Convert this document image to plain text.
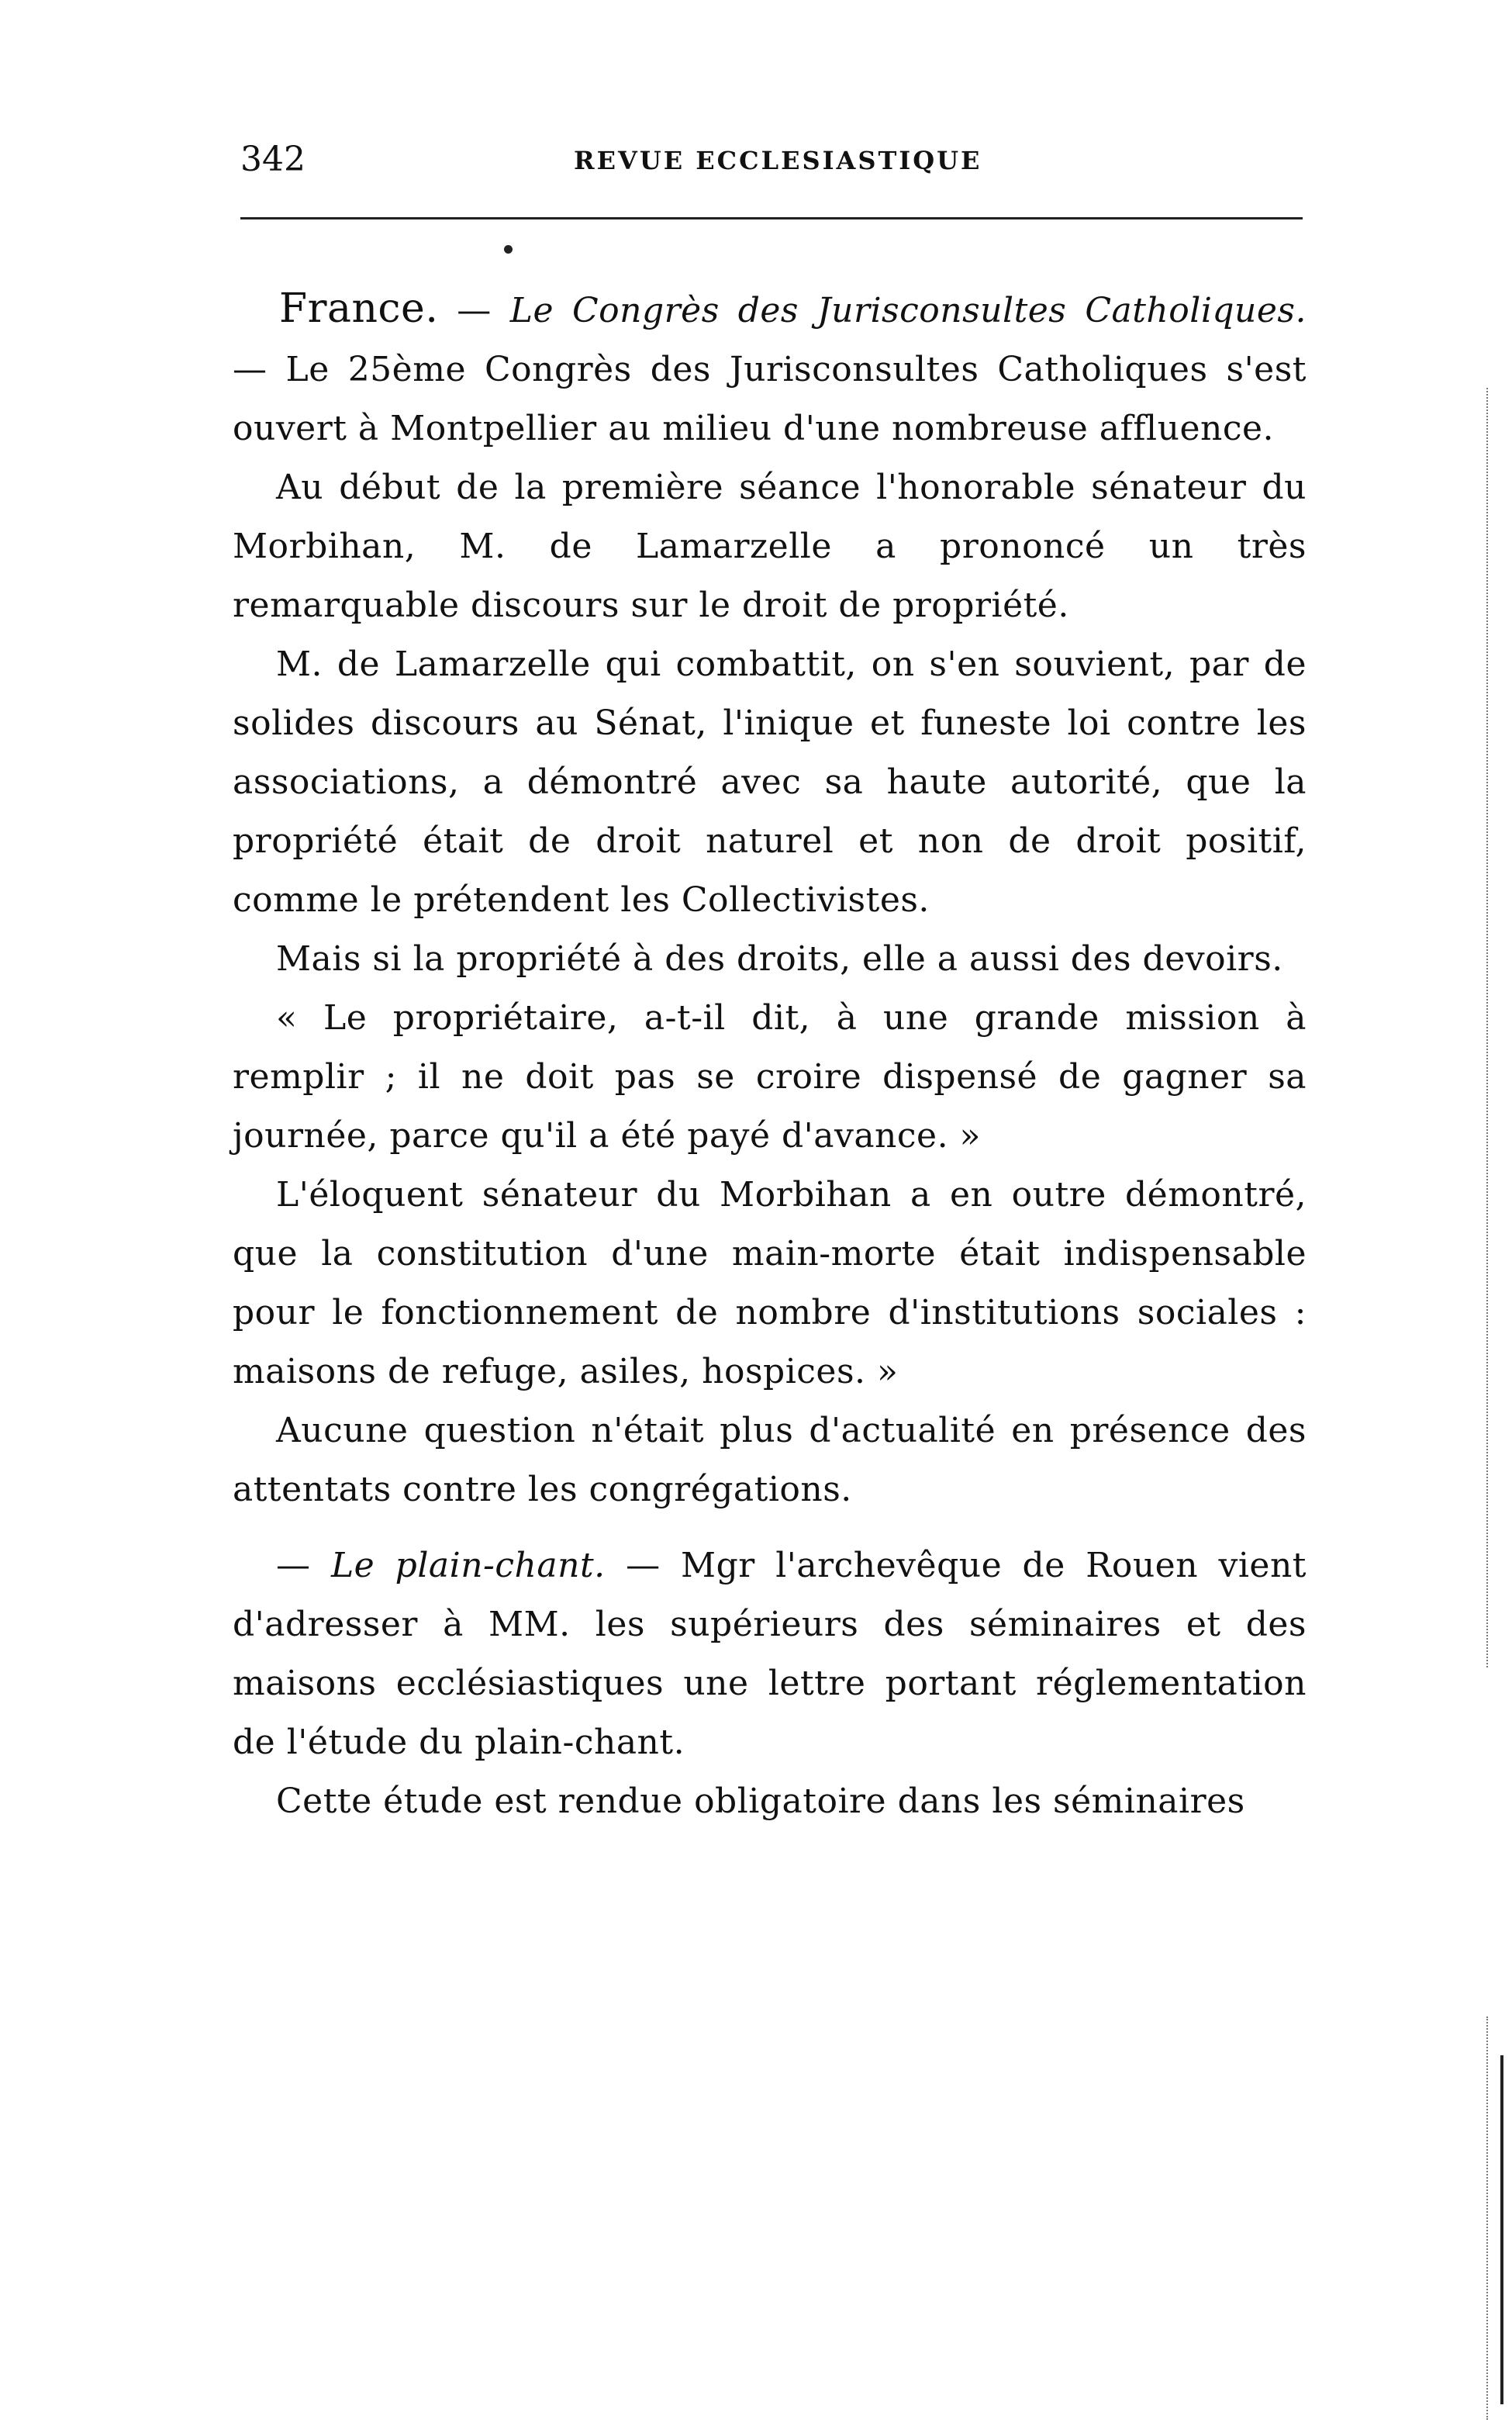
342	REVUE ECCLESIASTIQUE

France. — Le Congrès des Jurisconsultes Catholiques. — Le 25ème Congrès des Jurisconsultes Catholiques s'est ouvert à Montpellier au milieu d'une nombreuse affluence.

Au début de la première séance l'honorable sénateur du Morbihan, M. de Lamarzelle a prononcé un très remarquable discours sur le droit de propriété.

M. de Lamarzelle qui combattit, on s'en souvient, par de solides discours au Sénat, l'inique et funeste loi contre les associations, a démontré avec sa haute autorité, que la propriété était de droit naturel et non de droit positif, comme le prétendent les Collectivistes.

Mais si la propriété à des droits, elle a aussi des devoirs.

« Le propriétaire, a-t-il dit, à une grande mission à remplir ; il ne doit pas se croire dispensé de gagner sa journée, parce qu'il a été payé d'avance. »

L'éloquent sénateur du Morbihan a en outre démontré, que la constitution d'une main-morte était indispensable pour le fonctionnement de nombre d'institutions sociales : maisons de refuge, asiles, hospices. »

Aucune question n'était plus d'actualité en présence des attentats contre les congrégations.

— Le plain-chant. — Mgr l'archevêque de Rouen vient d'adresser à MM. les supérieurs des séminaires et des maisons ecclésiastiques une lettre portant réglementation de l'étude du plain-chant.

Cette étude est rendue obligatoire dans les séminaires
